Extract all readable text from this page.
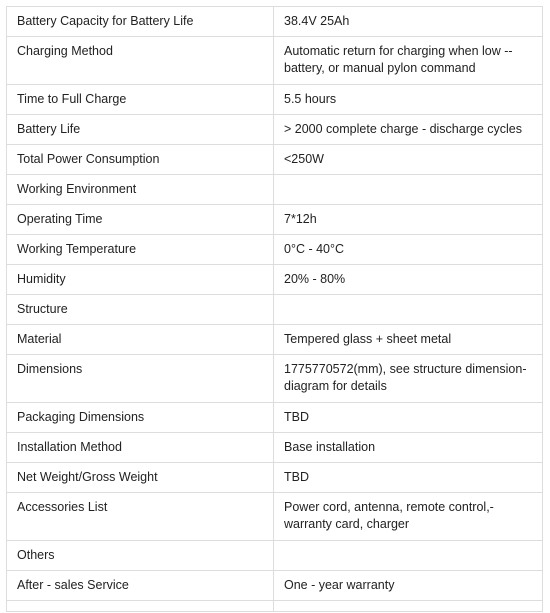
Battery Capacity for Battery Life	38.4V 25Ah
Charging Method	Automatic return for charging when low -- battery, or manual pylon command
Time to Full Charge	5.5 hours
Battery Life	> 2000 complete charge - discharge cycles
Total Power Consumption	<250W
Working Environment	
Operating Time	7*12h
Working Temperature	0°C - 40°C
Humidity	20% - 80%
Structure	
Material	Tempered glass + sheet metal
Dimensions	1775770572(mm), see structure dimension-diagram for details
Packaging Dimensions	TBD
Installation Method	Base installation
Net Weight/Gross Weight	TBD
Accessories List	Power cord, antenna, remote control,-warranty card, charger
Others	
After - sales Service	One - year warranty
